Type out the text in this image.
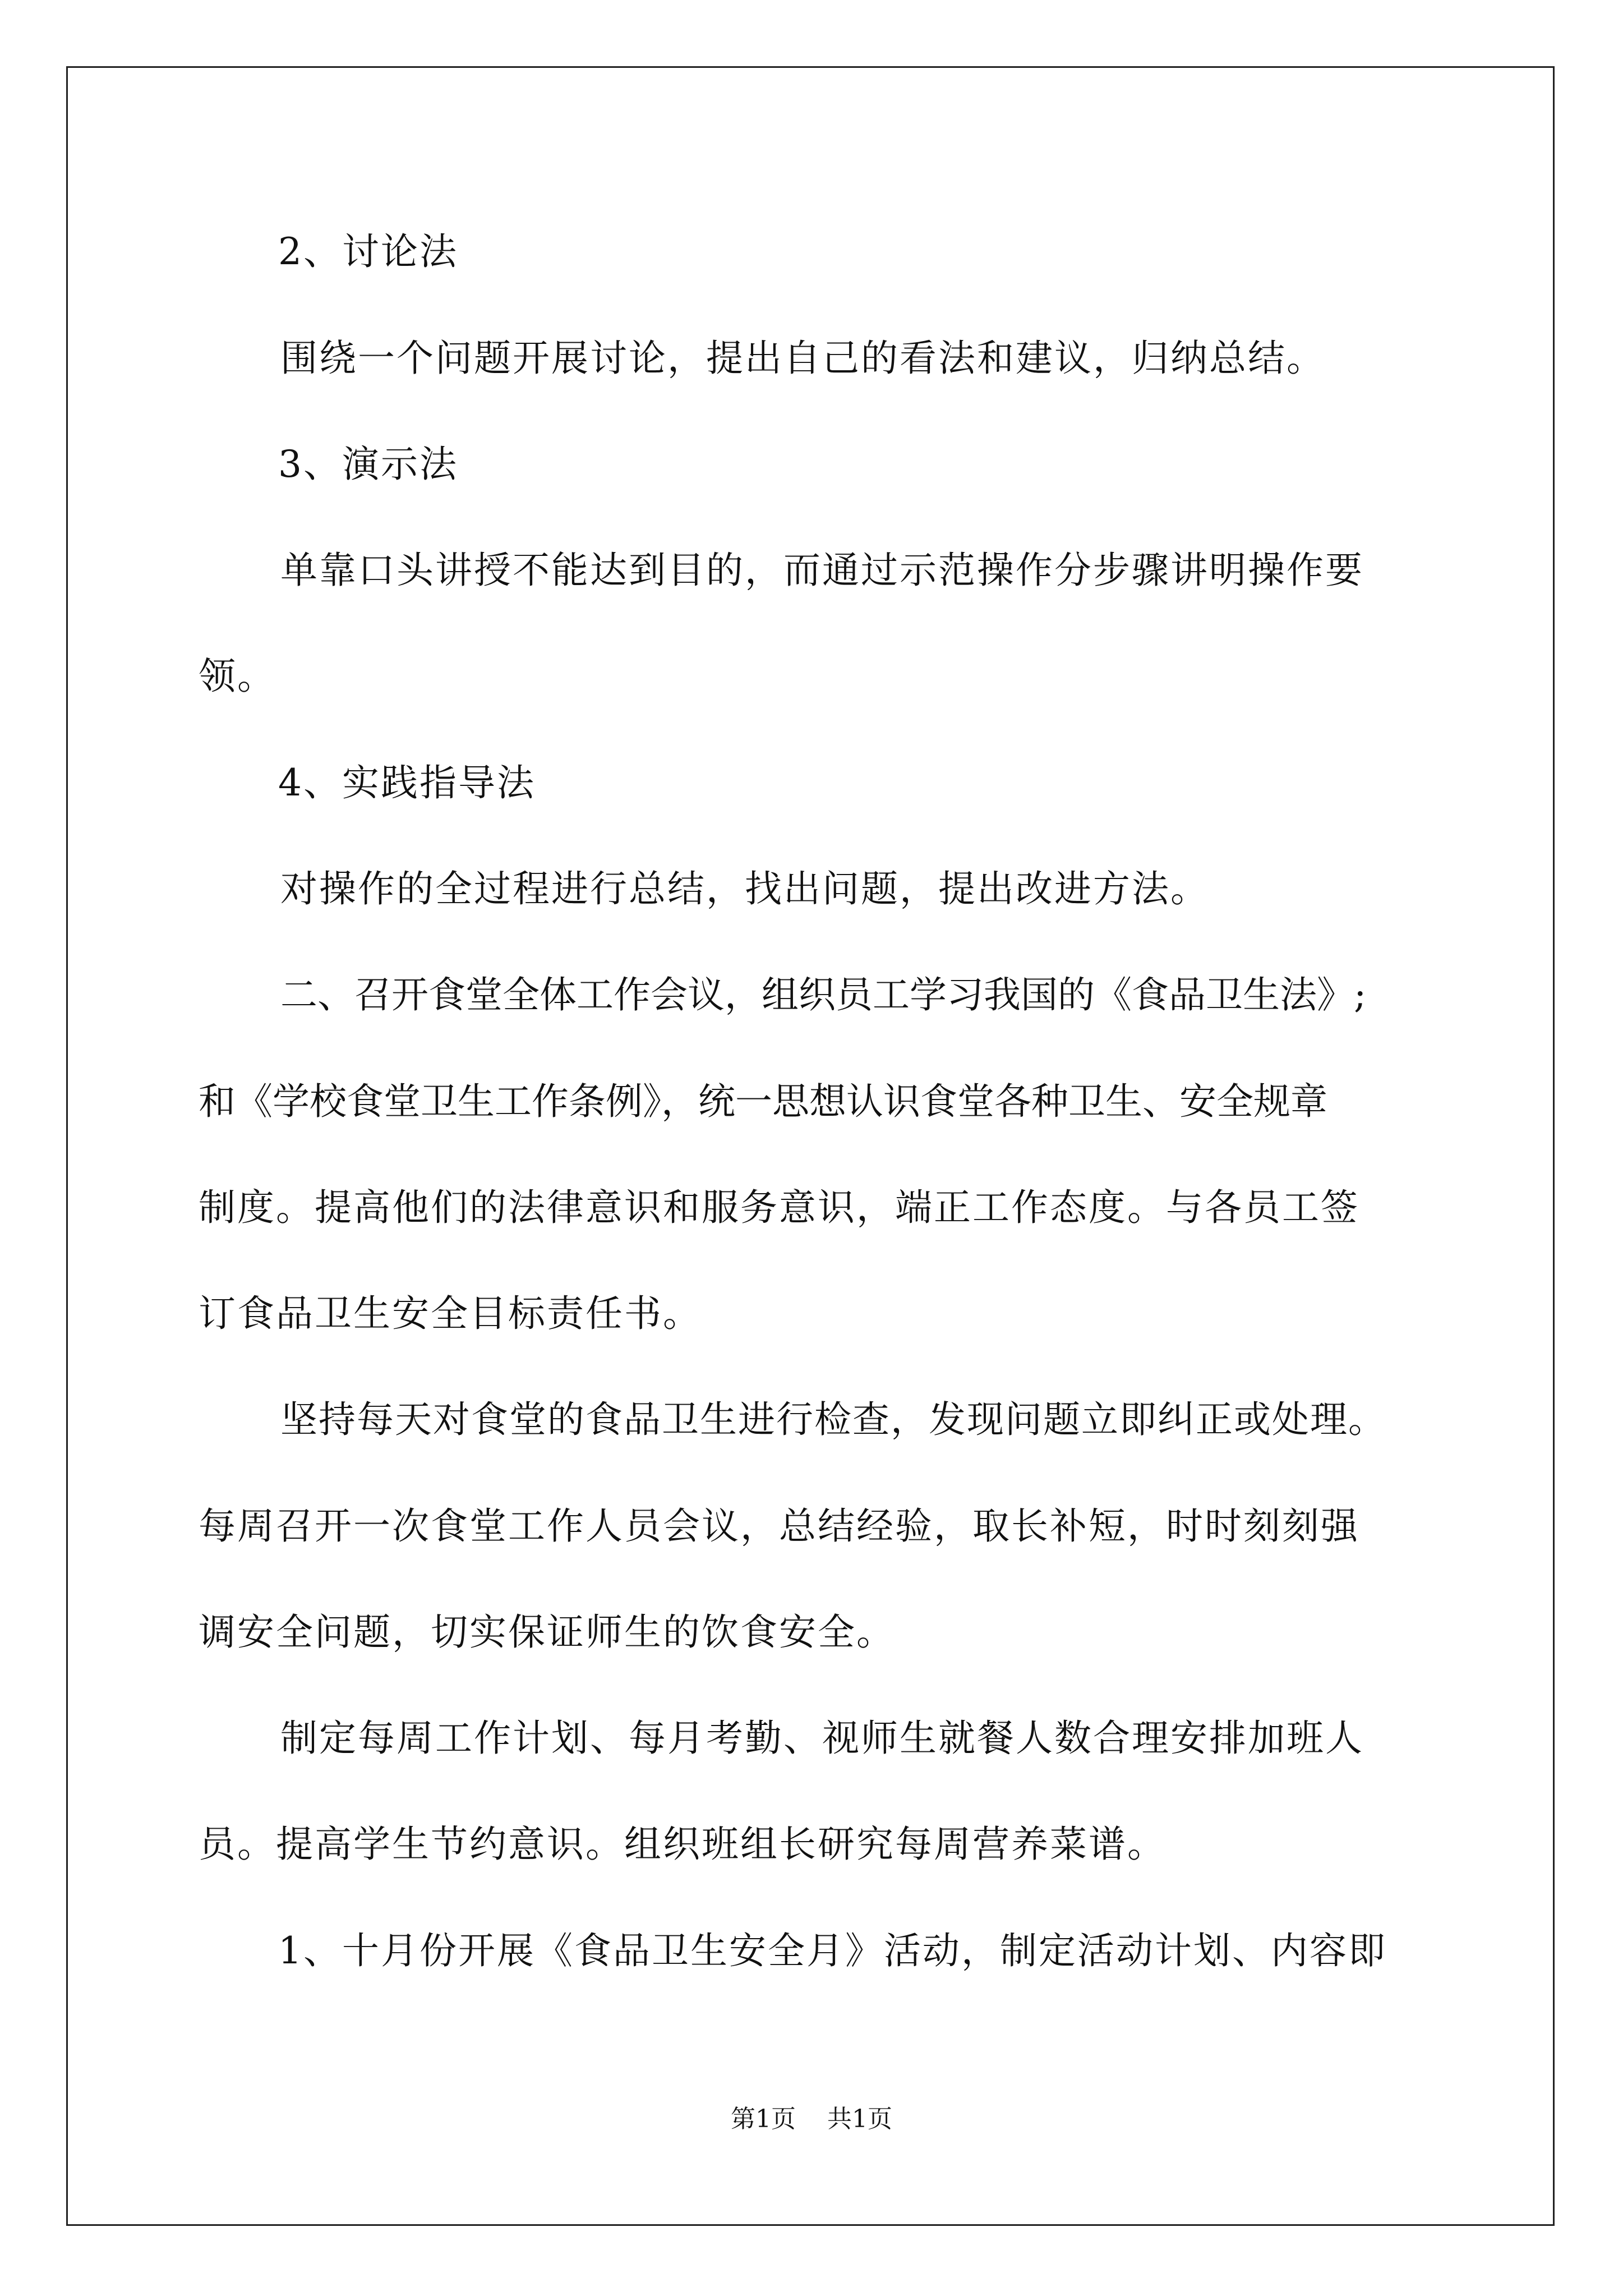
2、讨论法
围绕一个问题开展讨论，提出自己的看法和建议，归纳总结。
3、演示法
单靠口头讲授不能达到目的，而通过示范操作分步骤讲明操作要
领。
4、实践指导法
对操作的全过程进行总结，找出问题，提出改进方法。
二、召开食堂全体工作会议，组织员工学习我国的《食品卫生法》;
和《学校食堂卫生工作条例》，统一思想认识食堂各种卫生、安全规章
制度。提高他们的法律意识和服务意识，端正工作态度。与各员工签
订食品卫生安全目标责任书。
坚持每天对食堂的食品卫生进行检查，发现问题立即纠正或处理。
每周召开一次食堂工作人员会议，总结经验，取长补短，时时刻刻强
调安全问题，切实保证师生的饮食安全。
制定每周工作计划、每月考勤、视师生就餐人数合理安排加班人
员。提高学生节约意识。组织班组长研究每周营养菜谱。
1、十月份开展《食品卫生安全月》活动，制定活动计划、内容即
第1页 共1页
